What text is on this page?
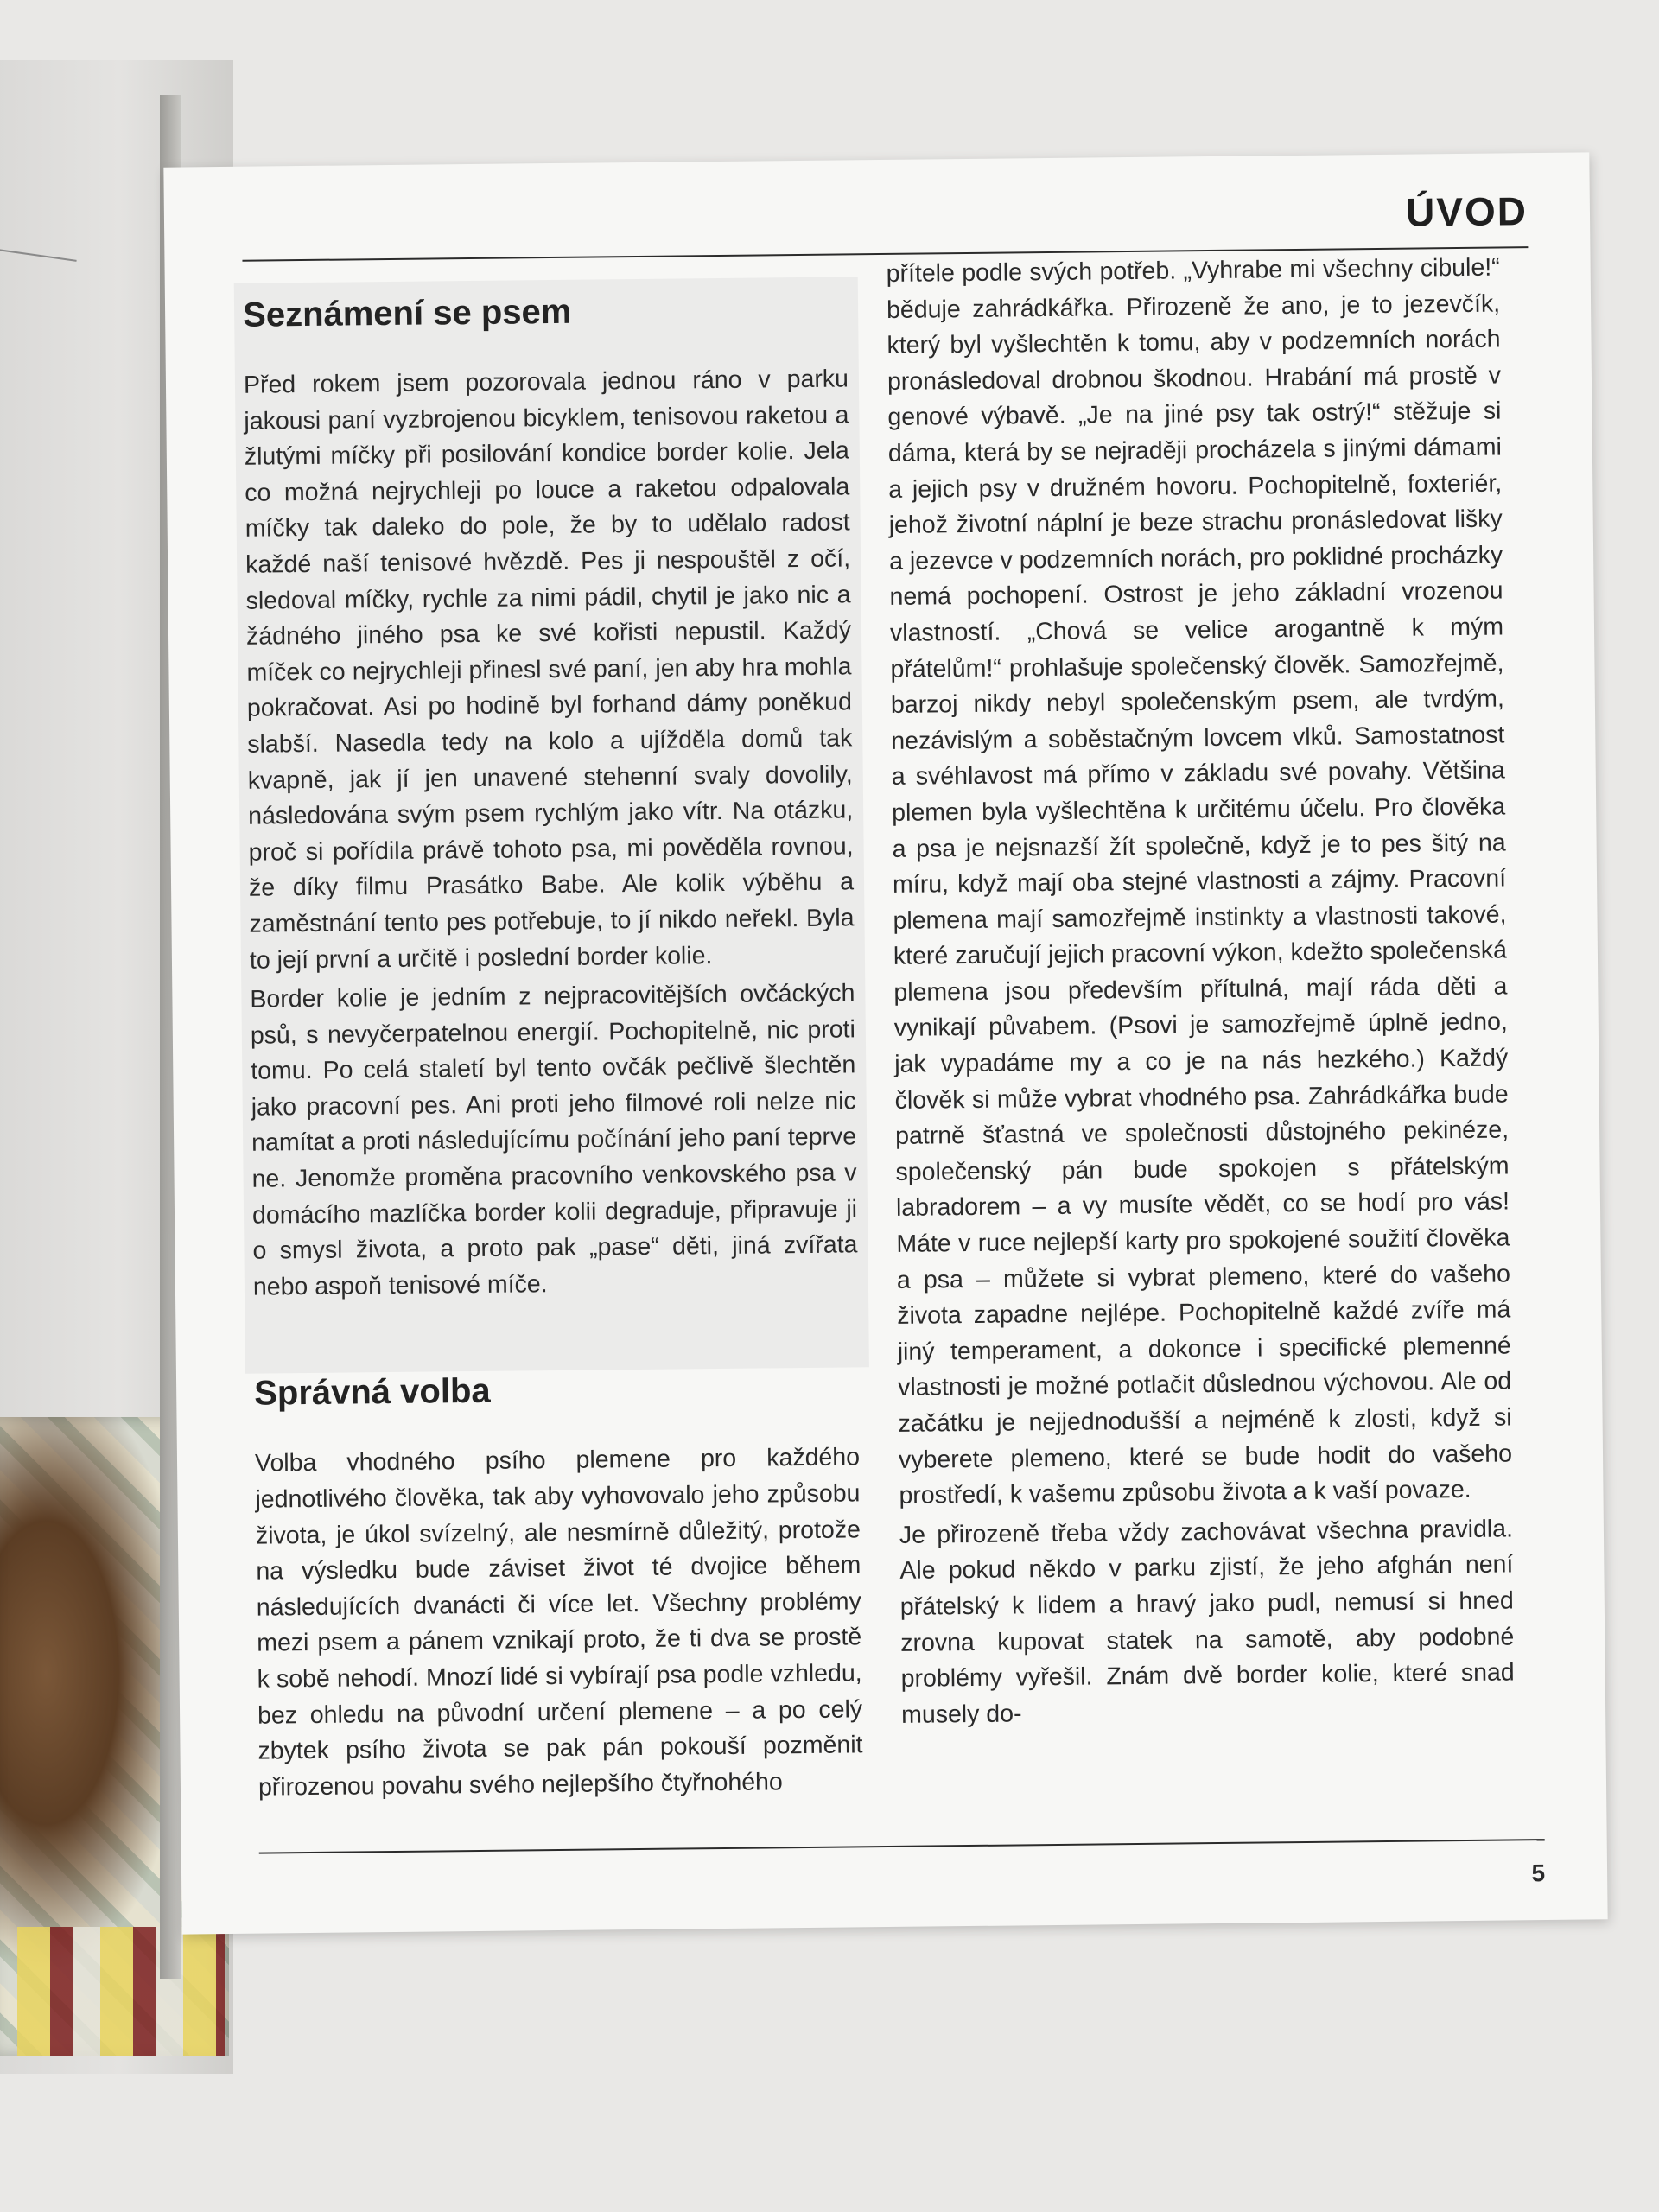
ÚVOD
Seznámení se psem

Před rokem jsem pozorovala jednou ráno v parku jakousi paní vyzbrojenou bicyklem, tenisovou raketou a žlutými míčky při posilování kondice border kolie. Jela co možná nejrychleji po louce a raketou odpalovala míčky tak daleko do pole, že by to udělalo radost každé naší tenisové hvězdě. Pes ji nespouštěl z očí, sledoval míčky, rychle za nimi pádil, chytil je jako nic a žádného jiného psa ke své kořisti nepustil. Každý míček co nejrychleji přinesl své paní, jen aby hra mohla pokračovat. Asi po hodině byl forhand dámy poněkud slabší. Nasedla tedy na kolo a ujížděla domů tak kvapně, jak jí jen unavené stehenní svaly dovolily, následována svým psem rychlým jako vítr. Na otázku, proč si pořídila právě tohoto psa, mi pověděla rovnou, že díky filmu Prasátko Babe. Ale kolik výběhu a zaměstnání tento pes potřebuje, to jí nikdo neřekl. Byla to její první a určitě i poslední border kolie.

Border kolie je jedním z nejpracovitějších ovčáckých psů, s nevyčerpatelnou energií. Pochopitelně, nic proti tomu. Po celá staletí byl tento ovčák pečlivě šlechtěn jako pracovní pes. Ani proti jeho filmové roli nelze nic namítat a proti následujícímu počínání jeho paní teprve ne. Jenomže proměna pracovního venkovského psa v domácího mazlíčka border kolii degraduje, připravuje ji o smysl života, a proto pak „pase“ děti, jiná zvířata nebo aspoň tenisové míče.

Správná volba

Volba vhodného psího plemene pro každého jednotlivého člověka, tak aby vyhovovalo jeho způsobu života, je úkol svízelný, ale nesmírně důležitý, protože na výsledku bude záviset život té dvojice během následujících dvanácti či více let. Všechny problémy mezi psem a pánem vznikají proto, že ti dva se prostě k sobě nehodí. Mnozí lidé si vybírají psa podle vzhledu, bez ohledu na původní určení plemene – a po celý zbytek psího života se pak pán pokouší pozměnit přirozenou povahu svého nejlepšího čtyřnohého

přítele podle svých potřeb. „Vyhrabe mi všechny cibule!“ běduje zahrádkářka. Přirozeně že ano, je to jezevčík, který byl vyšlechtěn k tomu, aby v podzemních norách pronásledoval drobnou škodnou. Hrabání má prostě v genové výbavě. „Je na jiné psy tak ostrý!“ stěžuje si dáma, která by se nejraději procházela s jinými dámami a jejich psy v družném hovoru. Pochopitelně, foxteriér, jehož životní náplní je beze strachu pronásledovat lišky a jezevce v podzemních norách, pro poklidné procházky nemá pochopení. Ostrost je jeho základní vrozenou vlastností. „Chová se velice arogantně k mým přátelům!“ prohlašuje společenský člověk. Samozřejmě, barzoj nikdy nebyl společenským psem, ale tvrdým, nezávislým a soběstačným lovcem vlků. Samostatnost a svéhlavost má přímo v základu své povahy. Většina plemen byla vyšlechtěna k určitému účelu. Pro člověka a psa je nejsnazší žít společně, když je to pes šitý na míru, když mají oba stejné vlastnosti a zájmy. Pracovní plemena mají samozřejmě instinkty a vlastnosti takové, které zaručují jejich pracovní výkon, kdežto společenská plemena jsou především přítulná, mají ráda děti a vynikají půvabem. (Psovi je samozřejmě úplně jedno, jak vypadáme my a co je na nás hezkého.) Každý člověk si může vybrat vhodného psa. Zahrádkářka bude patrně šťastná ve společnosti důstojného pekinéze, společenský pán bude spokojen s přátelským labradorem – a vy musíte vědět, co se hodí pro vás! Máte v ruce nejlepší karty pro spokojené soužití člověka a psa – můžete si vybrat plemeno, které do vašeho života zapadne nejlépe. Pochopitelně každé zvíře má jiný temperament, a dokonce i specifické plemenné vlastnosti je možné potlačit důslednou výchovou. Ale od začátku je nejjednodušší a nejméně k zlosti, když si vyberete plemeno, které se bude hodit do vašeho prostředí, k vašemu způsobu života a k vaší povaze.

Je přirozeně třeba vždy zachovávat všechna pravidla. Ale pokud někdo v parku zjistí, že jeho afghán není přátelský k lidem a hravý jako pudl, nemusí si hned zrovna kupovat statek na samotě, aby podobné problémy vyřešil. Znám dvě border kolie, které snad musely do-

5
